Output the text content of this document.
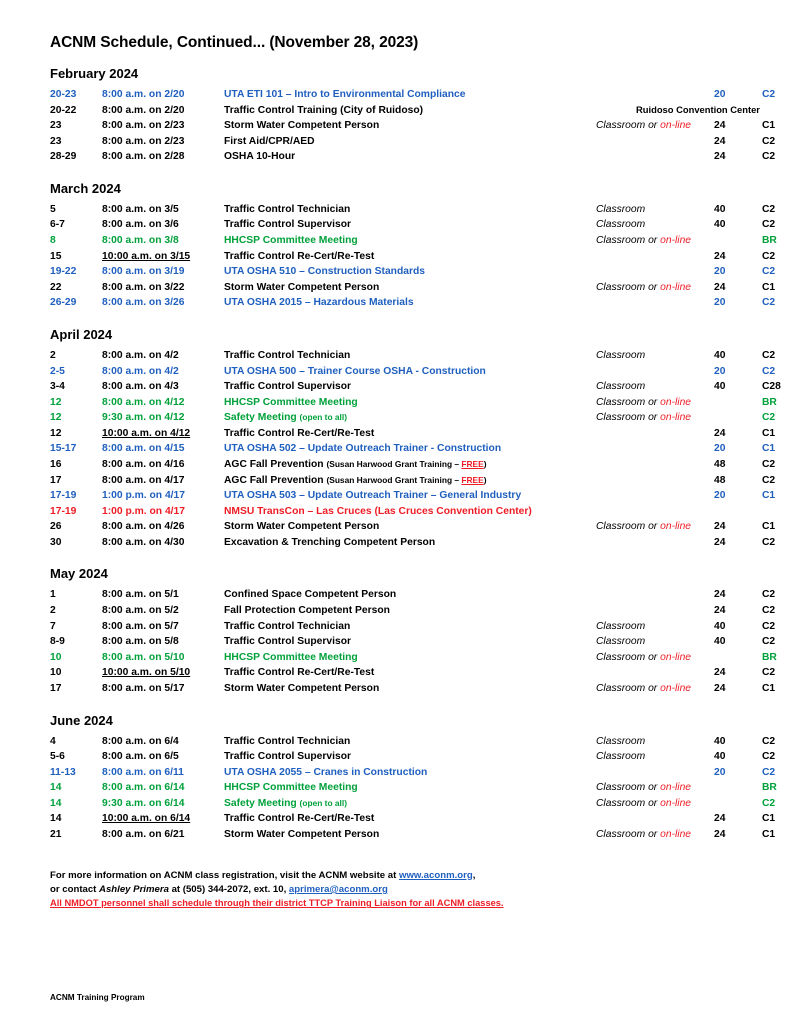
ACNM Schedule, Continued... (November 28, 2023)
February 2024
20-23	8:00 a.m. on 2/20	UTA ETI 101 – Intro to Environmental Compliance		20	C2
20-22	8:00 a.m. on 2/20	Traffic Control Training (City of Ruidoso)	Ruidoso Convention Center		
23	8:00 a.m. on 2/23	Storm Water Competent Person	Classroom or on-line	24	C1
23	8:00 a.m. on 2/23	First Aid/CPR/AED		24	C2
28-29	8:00 a.m. on 2/28	OSHA 10-Hour		24	C2

March 2024
5	8:00 a.m. on 3/5	Traffic Control Technician	Classroom	40	C2
6-7	8:00 a.m. on 3/6	Traffic Control Supervisor	Classroom	40	C2
8	8:00 a.m. on 3/8	HHCSP Committee Meeting	Classroom or on-line		BR
15	10:00 a.m. on 3/15	Traffic Control Re-Cert/Re-Test		24	C2
19-22	8:00 a.m. on 3/19	UTA OSHA 510 – Construction Standards		20	C2
22	8:00 a.m. on 3/22	Storm Water Competent Person	Classroom or on-line	24	C1
26-29	8:00 a.m. on 3/26	UTA OSHA 2015 – Hazardous Materials		20	C2

April 2024
2	8:00 a.m. on 4/2	Traffic Control Technician	Classroom	40	C2
2-5	8:00 a.m. on 4/2	UTA OSHA 500 – Trainer Course OSHA - Construction		20	C2
3-4	8:00 a.m. on 4/3	Traffic Control Supervisor	Classroom	40	C28
12	8:00 a.m. on 4/12	HHCSP Committee Meeting	Classroom or on-line		BR
12	9:30 a.m. on 4/12	Safety Meeting (open to all)	Classroom or on-line		C2
12	10:00 a.m. on 4/12	Traffic Control Re-Cert/Re-Test		24	C1
15-17	8:00 a.m. on 4/15	UTA OSHA 502 – Update Outreach Trainer - Construction		20	C1
16	8:00 a.m. on 4/16	AGC Fall Prevention (Susan Harwood Grant Training – FREE)		48	C2
17	8:00 a.m. on 4/17	AGC Fall Prevention (Susan Harwood Grant Training – FREE)		48	C2
17-19	1:00 p.m. on 4/17	UTA OSHA 503 – Update Outreach Trainer – General Industry		20	C1
17-19	1:00 p.m. on 4/17	NMSU TransCon – Las Cruces (Las Cruces Convention Center)			
26	8:00 a.m. on 4/26	Storm Water Competent Person	Classroom or on-line	24	C1
30	8:00 a.m. on 4/30	Excavation & Trenching Competent Person		24	C2

May 2024
1	8:00 a.m. on 5/1	Confined Space Competent Person		24	C2
2	8:00 a.m. on 5/2	Fall Protection Competent Person		24	C2
7	8:00 a.m. on 5/7	Traffic Control Technician	Classroom	40	C2
8-9	8:00 a.m. on 5/8	Traffic Control Supervisor	Classroom	40	C2
10	8:00 a.m. on 5/10	HHCSP Committee Meeting	Classroom or on-line		BR
10	10:00 a.m. on 5/10	Traffic Control Re-Cert/Re-Test		24	C2
17	8:00 a.m. on 5/17	Storm Water Competent Person	Classroom or on-line	24	C1

June 2024
4	8:00 a.m. on 6/4	Traffic Control Technician	Classroom	40	C2
5-6	8:00 a.m. on 6/5	Traffic Control Supervisor	Classroom	40	C2
11-13	8:00 a.m. on 6/11	UTA OSHA 2055 – Cranes in Construction		20	C2
14	8:00 a.m. on 6/14	HHCSP Committee Meeting	Classroom or on-line		BR
14	9:30 a.m. on 6/14	Safety Meeting (open to all)	Classroom or on-line		C2
14	10:00 a.m. on 6/14	Traffic Control Re-Cert/Re-Test		24	C1
21	8:00 a.m. on 6/21	Storm Water Competent Person	Classroom or on-line	24	C1

For more information on ACNM class registration, visit the ACNM website at www.aconm.org,
or contact Ashley Primera at (505) 344-2072, ext. 10, aprimera@aconm.org
All NMDOT personnel shall schedule through their district TTCP Training Liaison for all ACNM classes.
ACNM Training Program
